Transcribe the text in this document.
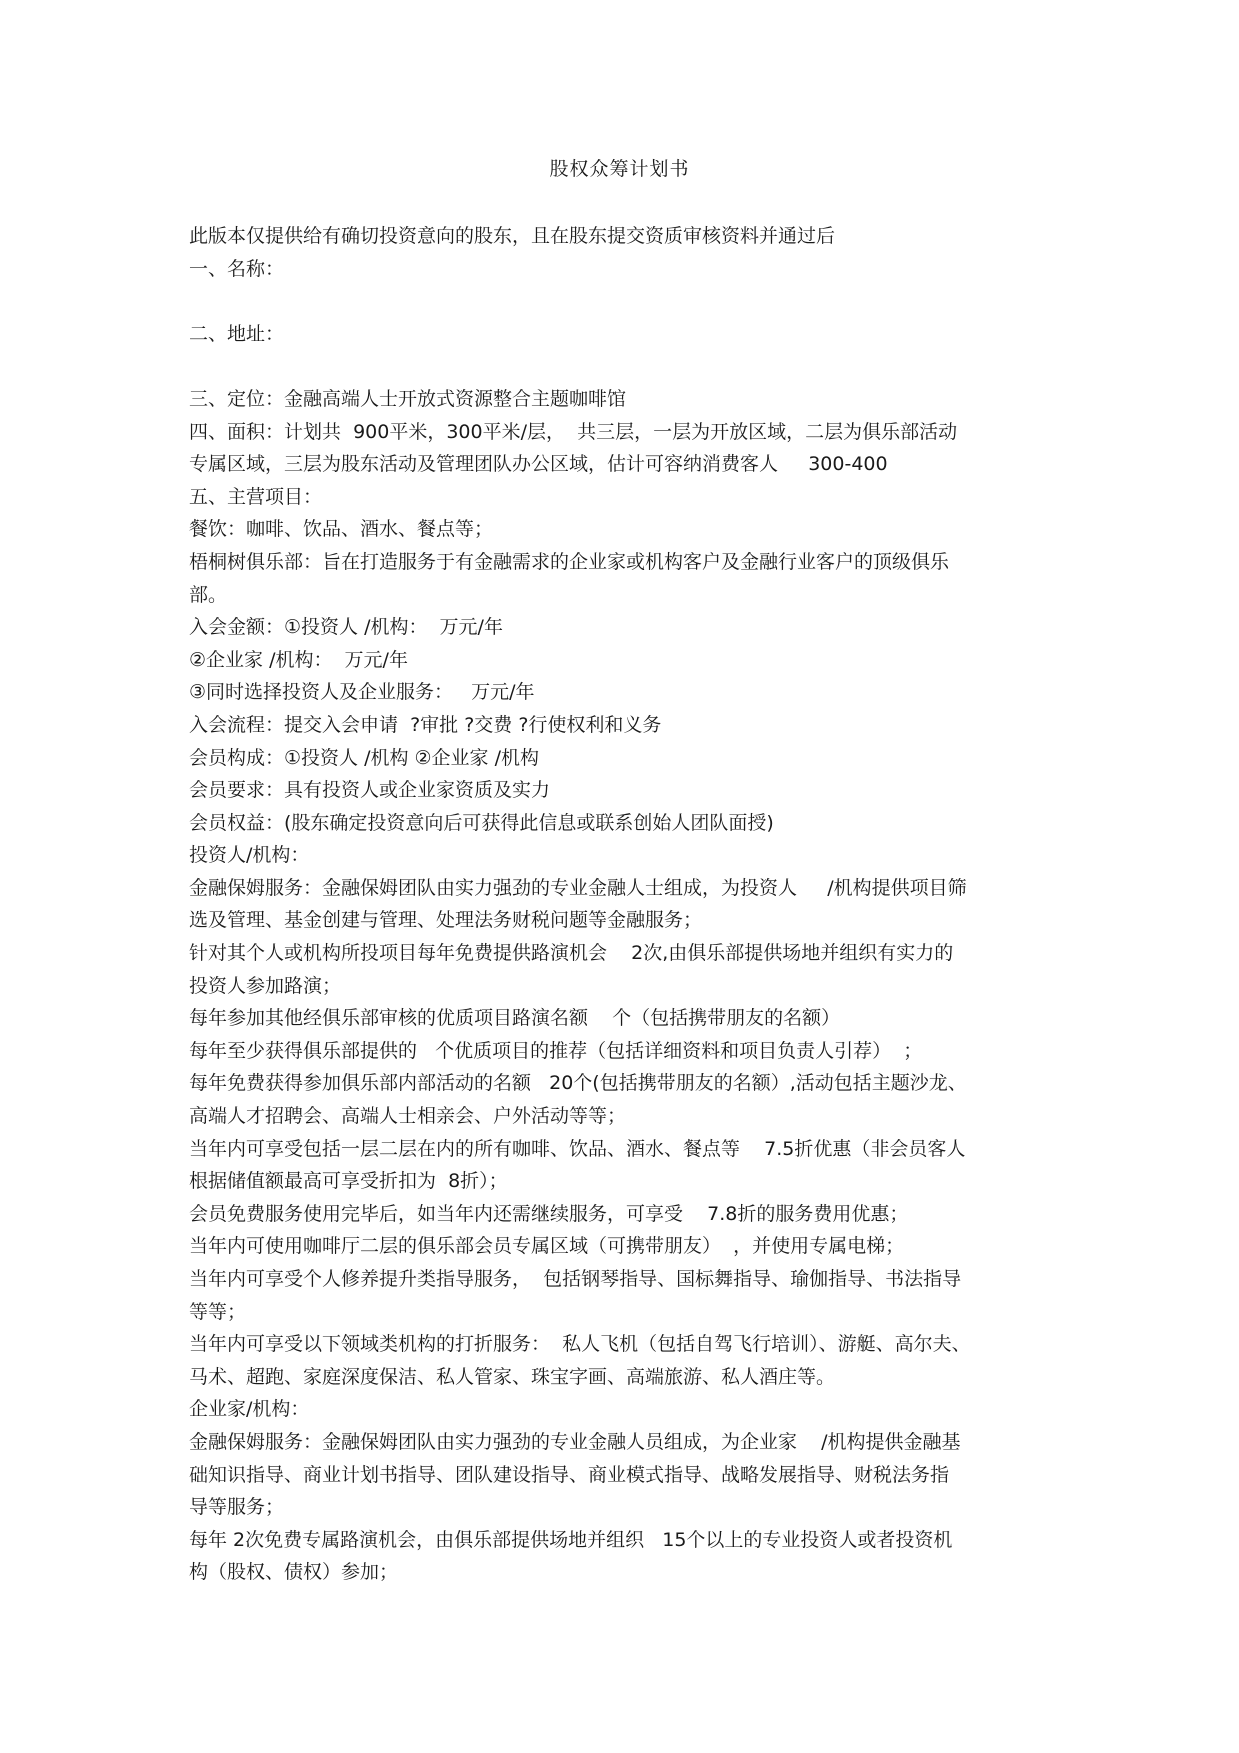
股权众筹计划书

此版本仅提供给有确切投资意向的股东，且在股东提交资质审核资料并通过后

一、名称：

二、地址：

三、定位：金融高端人士开放式资源整合主题咖啡馆

四、面积：计划共  900平米，300平米/层，  共三层，一层为开放区域，二层为俱乐部活动

专属区域，三层为股东活动及管理团队办公区域，估计可容纳消费客人     300-400

五、主营项目：

餐饮：咖啡、饮品、酒水、餐点等；

梧桐树俱乐部：旨在打造服务于有金融需求的企业家或机构客户及金融行业客户的顶级俱乐

部。

入会金额：①投资人 /机构：  万元/年

②企业家 /机构：  万元/年

③同时选择投资人及企业服务：   万元/年

入会流程：提交入会申请  ?审批 ?交费 ?行使权利和义务

会员构成：①投资人 /机构 ②企业家 /机构

会员要求：具有投资人或企业家资质及实力

会员权益：(股东确定投资意向后可获得此信息或联系创始人团队面授)

投资人/机构：

金融保姆服务：金融保姆团队由实力强劲的专业金融人士组成，为投资人     /机构提供项目筛

选及管理、基金创建与管理、处理法务财税问题等金融服务；

针对其个人或机构所投项目每年免费提供路演机会    2次,由俱乐部提供场地并组织有实力的

投资人参加路演；

每年参加其他经俱乐部审核的优质项目路演名额    个（包括携带朋友的名额）

每年至少获得俱乐部提供的   个优质项目的推荐（包括详细资料和项目负责人引荐）  ；

每年免费获得参加俱乐部内部活动的名额   20个(包括携带朋友的名额）,活动包括主题沙龙、

高端人才招聘会、高端人士相亲会、户外活动等等；

当年内可享受包括一层二层在内的所有咖啡、饮品、酒水、餐点等    7.5折优惠（非会员客人

根据储值额最高可享受折扣为  8折）；

会员免费服务使用完毕后，如当年内还需继续服务，可享受    7.8折的服务费用优惠；

当年内可使用咖啡厅二层的俱乐部会员专属区域（可携带朋友）  ，并使用专属电梯；

当年内可享受个人修养提升类指导服务，  包括钢琴指导、国标舞指导、瑜伽指导、书法指导

等等；

当年内可享受以下领域类机构的打折服务：  私人飞机（包括自驾飞行培训）、游艇、高尔夫、

马术、超跑、家庭深度保洁、私人管家、珠宝字画、高端旅游、私人酒庄等。

企业家/机构：

金融保姆服务：金融保姆团队由实力强劲的专业金融人员组成，为企业家    /机构提供金融基

础知识指导、商业计划书指导、团队建设指导、商业模式指导、战略发展指导、财税法务指

导等服务；

每年 2次免费专属路演机会，由俱乐部提供场地并组织   15个以上的专业投资人或者投资机

构（股权、债权）参加；
